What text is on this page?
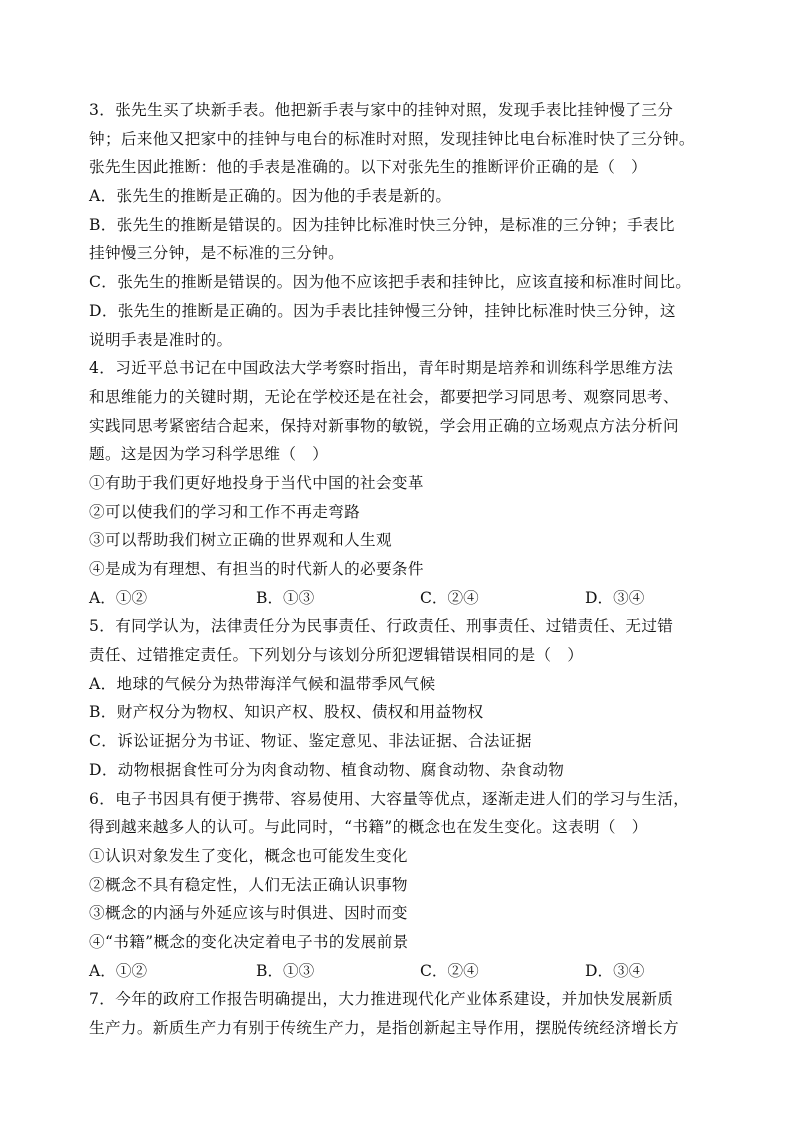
3．张先生买了块新手表。他把新手表与家中的挂钟对照，发现手表比挂钟慢了三分
钟；后来他又把家中的挂钟与电台的标准时对照，发现挂钟比电台标准时快了三分钟。
张先生因此推断：他的手表是准确的。以下对张先生的推断评价正确的是（　）
A．张先生的推断是正确的。因为他的手表是新的。
B．张先生的推断是错误的。因为挂钟比标准时快三分钟，是标准的三分钟；手表比
挂钟慢三分钟，是不标准的三分钟。
C．张先生的推断是错误的。因为他不应该把手表和挂钟比，应该直接和标准时间比。
D．张先生的推断是正确的。因为手表比挂钟慢三分钟，挂钟比标准时快三分钟，这
说明手表是准时的。
4．习近平总书记在中国政法大学考察时指出，青年时期是培养和训练科学思维方法
和思维能力的关键时期，无论在学校还是在社会，都要把学习同思考、观察同思考、
实践同思考紧密结合起来，保持对新事物的敏锐，学会用正确的立场观点方法分析问
题。这是因为学习科学思维（　）
①有助于我们更好地投身于当代中国的社会变革
②可以使我们的学习和工作不再走弯路
③可以帮助我们树立正确的世界观和人生观
④是成为有理想、有担当的时代新人的必要条件
A．①②	B．①③	C．②④	D．③④
5．有同学认为，法律责任分为民事责任、行政责任、刑事责任、过错责任、无过错
责任、过错推定责任。下列划分与该划分所犯逻辑错误相同的是（　）
A．地球的气候分为热带海洋气候和温带季风气候
B．财产权分为物权、知识产权、股权、债权和用益物权
C．诉讼证据分为书证、物证、鉴定意见、非法证据、合法证据
D．动物根据食性可分为肉食动物、植食动物、腐食动物、杂食动物
6．电子书因具有便于携带、容易使用、大容量等优点，逐渐走进人们的学习与生活，
得到越来越多人的认可。与此同时，“书籍”的概念也在发生变化。这表明（　）
①认识对象发生了变化，概念也可能发生变化
②概念不具有稳定性，人们无法正确认识事物
③概念的内涵与外延应该与时俱进、因时而变
④“书籍”概念的变化决定着电子书的发展前景
A．①②	B．①③	C．②④	D．③④
7．今年的政府工作报告明确提出，大力推进现代化产业体系建设，并加快发展新质
生产力。新质生产力有别于传统生产力，是指创新起主导作用，摆脱传统经济增长方
